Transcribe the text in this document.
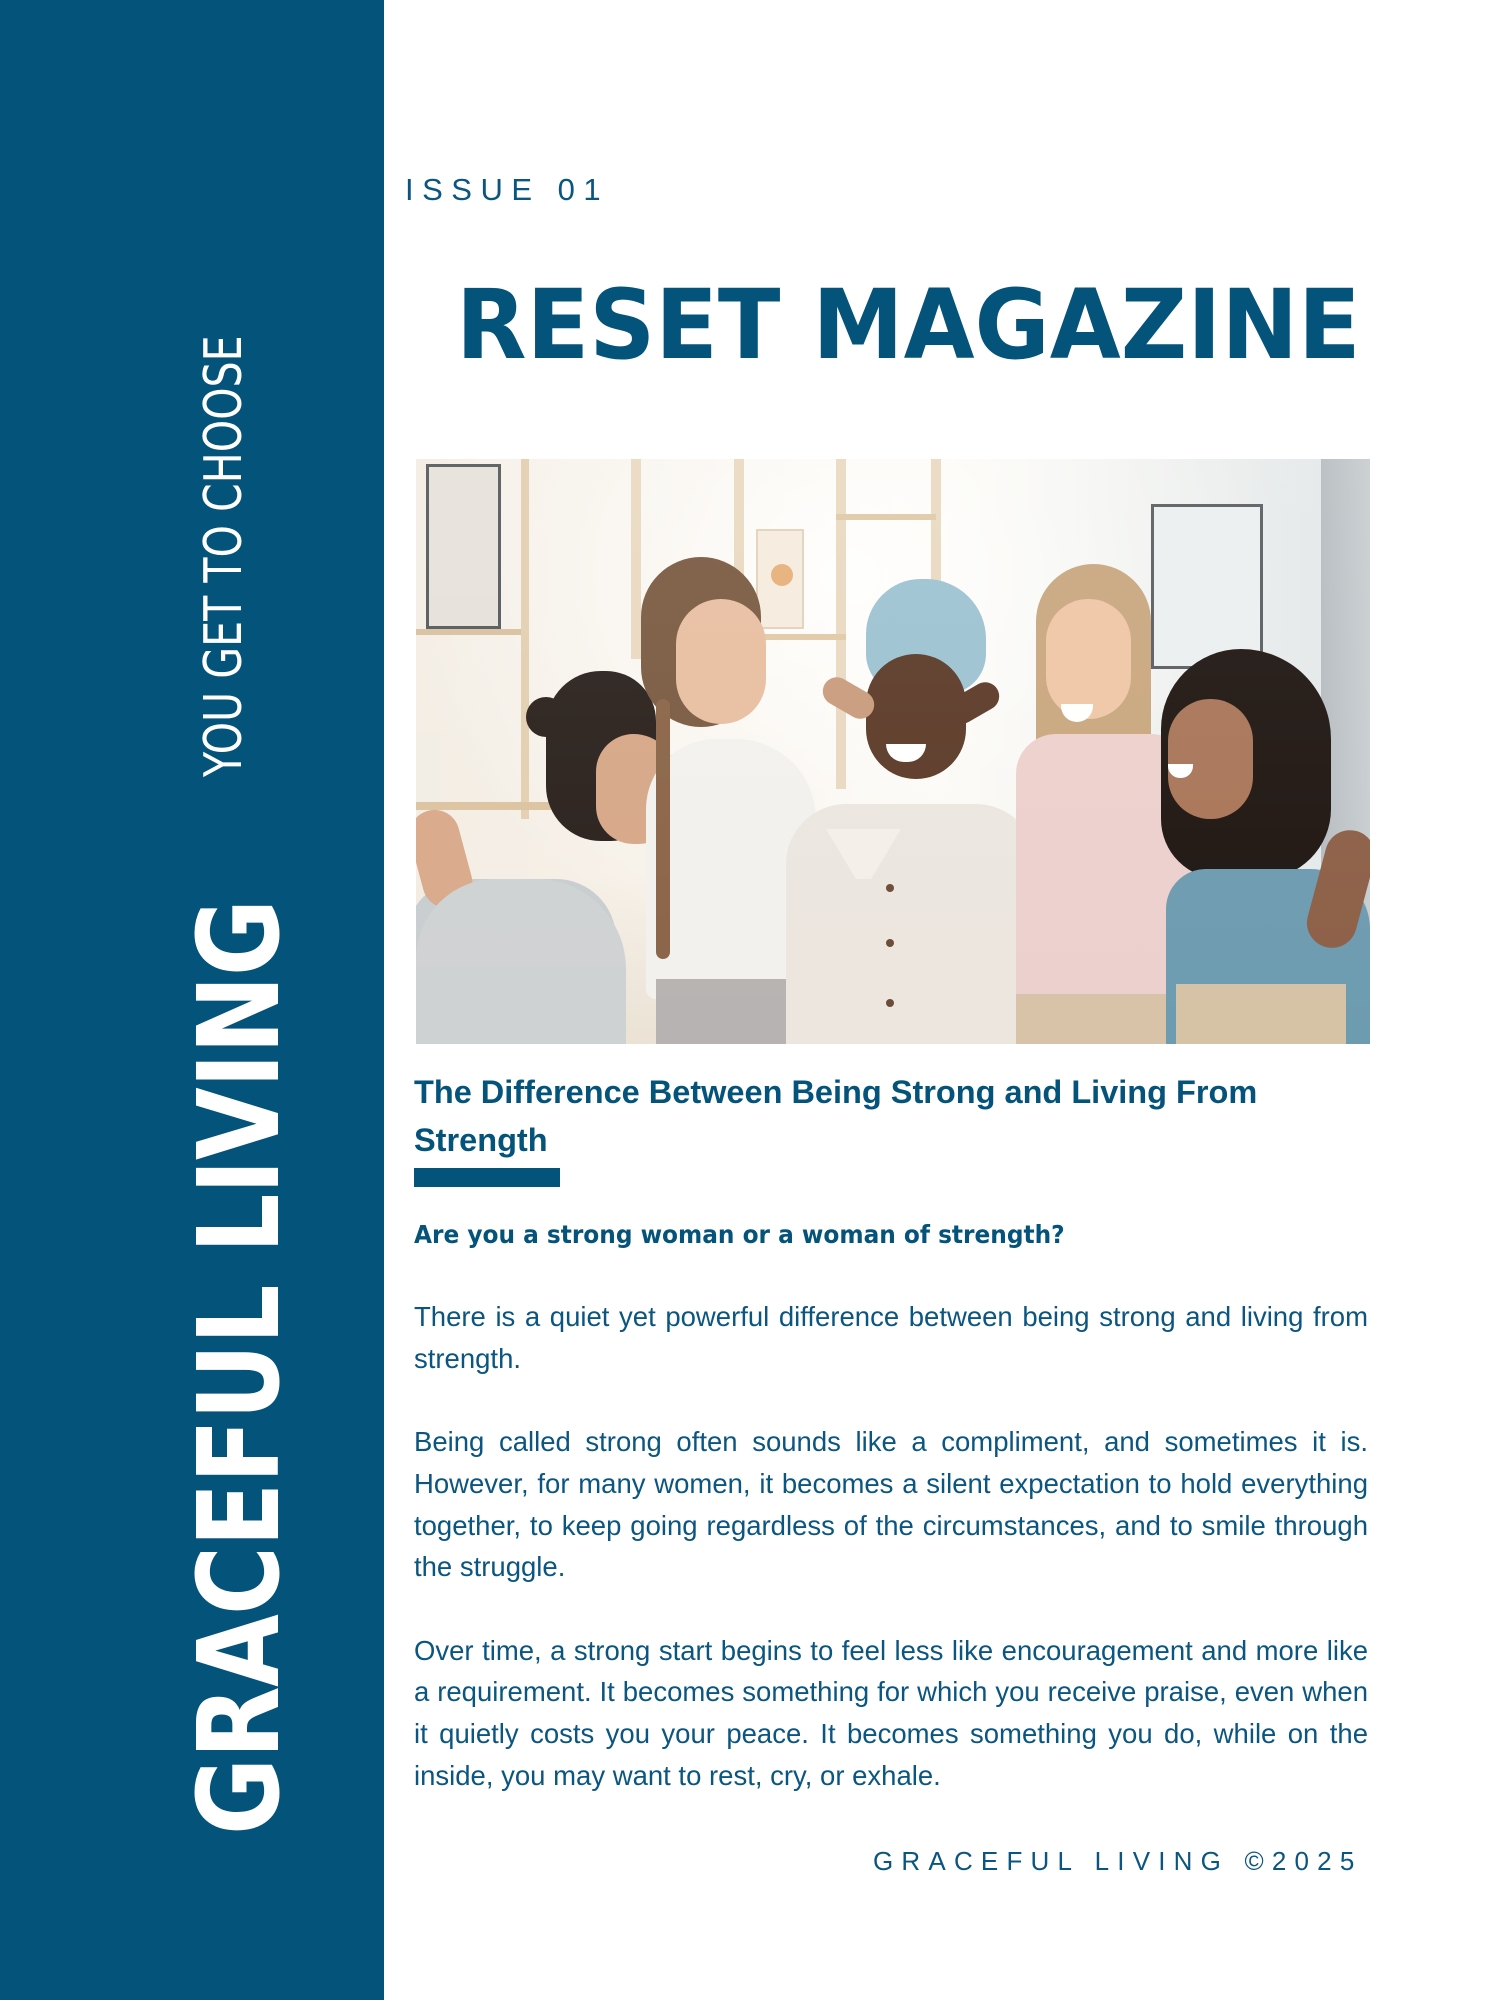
GRACEFUL LIVING
YOU GET TO CHOOSE
ISSUE 01
RESET MAGAZINE
The Difference Between Being Strong and Living From Strength

Are you a strong woman or a woman of strength?

There is a quiet yet powerful difference between being strong and living from strength.

Being called strong often sounds like a compliment, and sometimes it is. However, for many women, it becomes a silent expectation to hold everything together, to keep going regardless of the circumstances, and to smile through the struggle.

Over time, a strong start begins to feel less like encouragement and more like a requirement. It becomes something for which you receive praise, even when it quietly costs you your peace. It becomes something you do, while on the inside, you may want to rest, cry, or exhale.

GRACEFUL LIVING ©2025
